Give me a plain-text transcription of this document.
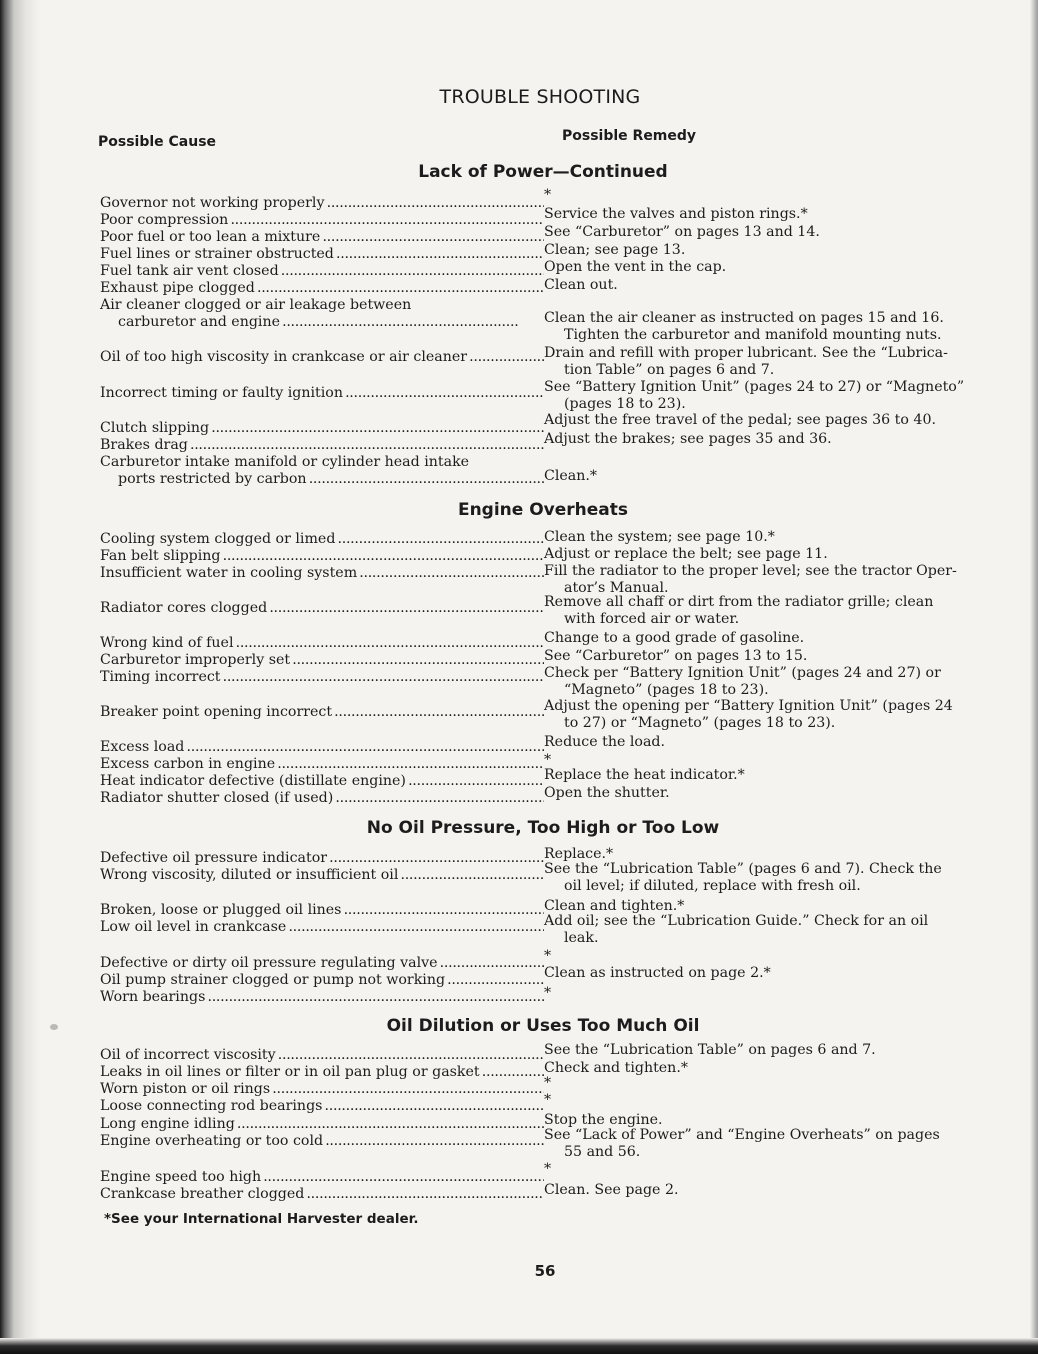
TROUBLE SHOOTING
Possible Cause	Possible Remedy
Lack of Power—Continued
Governor not working properly . . .	*
Poor compression . . .	Service the valves and piston rings.*
Poor fuel or too lean a mixture . . .	See “Carburetor” on pages 13 and 14.
Fuel lines or strainer obstructed . . .	Clean; see page 13.
Fuel tank air vent closed . . .	Open the vent in the cap.
Exhaust pipe clogged . . .	Clean out.
Air cleaner clogged or air leakage between
carburetor and engine . . .	Clean the air cleaner as instructed on pages 15 and 16.
Tighten the carburetor and manifold mounting nuts.
Oil of too high viscosity in crankcase or air cleaner . . .	Drain and refill with proper lubricant. See the “Lubrica-
tion Table” on pages 6 and 7.
Incorrect timing or faulty ignition . . .	See “Battery Ignition Unit” (pages 24 to 27) or “Magneto”
(pages 18 to 23).
Clutch slipping . . .	Adjust the free travel of the pedal; see pages 36 to 40.
Brakes drag . . .	Adjust the brakes; see pages 35 and 36.
Carburetor intake manifold or cylinder head intake
ports restricted by carbon . . .	Clean.*
Engine Overheats
Cooling system clogged or limed . . .	Clean the system; see page 10.*
Fan belt slipping . . .	Adjust or replace the belt; see page 11.
Insufficient water in cooling system . . .	Fill the radiator to the proper level; see the tractor Oper-
ator’s Manual.
Radiator cores clogged . . .	Remove all chaff or dirt from the radiator grille; clean
with forced air or water.
Wrong kind of fuel . . .	Change to a good grade of gasoline.
Carburetor improperly set . . .	See “Carburetor” on pages 13 to 15.
Timing incorrect . . .	Check per “Battery Ignition Unit” (pages 24 and 27) or
“Magneto” (pages 18 to 23).
Breaker point opening incorrect . . .	Adjust the opening per “Battery Ignition Unit” (pages 24
to 27) or “Magneto” (pages 18 to 23).
Excess load . . .	Reduce the load.
Excess carbon in engine . . .	*
Heat indicator defective (distillate engine) . . .	Replace the heat indicator.*
Radiator shutter closed (if used) . . .	Open the shutter.
No Oil Pressure, Too High or Too Low
Defective oil pressure indicator . . .	Replace.*
Wrong viscosity, diluted or insufficient oil . . .	See the “Lubrication Table” (pages 6 and 7). Check the
oil level; if diluted, replace with fresh oil.
Broken, loose or plugged oil lines . . .	Clean and tighten.*
Low oil level in crankcase . . .	Add oil; see the “Lubrication Guide.” Check for an oil
leak.
Defective or dirty oil pressure regulating valve . . .	*
Oil pump strainer clogged or pump not working . . .	Clean as instructed on page 2.*
Worn bearings . . .	*
Oil Dilution or Uses Too Much Oil
Oil of incorrect viscosity . . .	See the “Lubrication Table” on pages 6 and 7.
Leaks in oil lines or filter or in oil pan plug or gasket . . .	Check and tighten.*
Worn piston or oil rings . . .	*
Loose connecting rod bearings . . .	*
Long engine idling . . .	Stop the engine.
Engine overheating or too cold . . .	See “Lack of Power” and “Engine Overheats” on pages
55 and 56.
Engine speed too high . . .	*
Crankcase breather clogged . . .	Clean. See page 2.
*See your International Harvester dealer.
56
